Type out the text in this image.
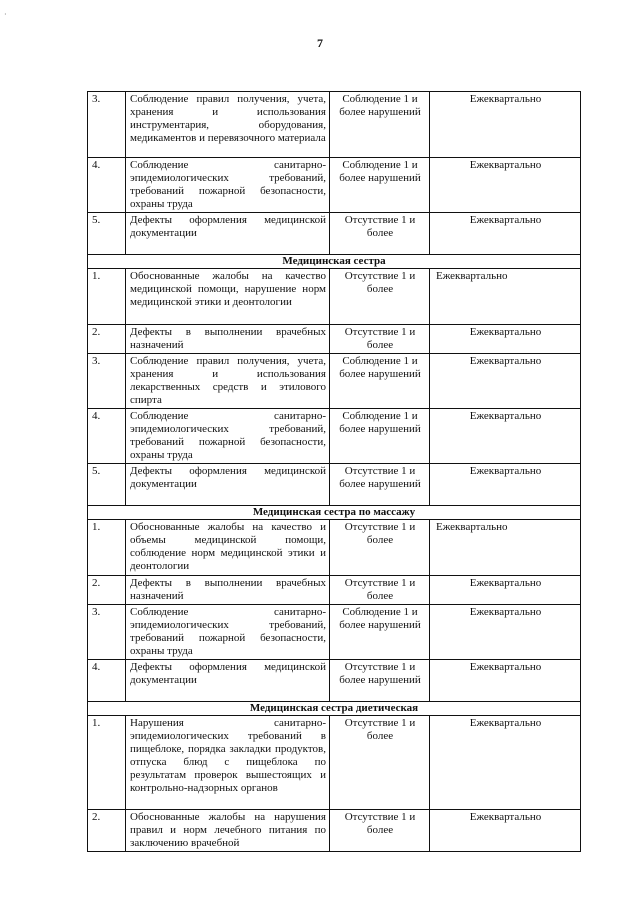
·
7
3.	Соблюдение правил получения, учета, хранения и использования инструментария, оборудования, медикаментов и перевязочного материала	Соблюдение 1 и более нарушений	Ежеквартально
4.	Соблюдение санитарно-эпидемиологических требований, требований пожарной безопасности, охраны труда	Соблюдение 1 и более нарушений	Ежеквартально
5.	Дефекты оформления медицинской документации	Отсутствие 1 и более	Ежеквартально
Медицинская сестра			
1.	Обоснованные жалобы на качество медицинской помощи, нарушение норм медицинской этики и деонтологии	Отсутствие 1 и более	Ежеквартально
2.	Дефекты в выполнении врачебных назначений	Отсутствие 1 и более	Ежеквартально
3.	Соблюдение правил получения, учета, хранения и использования лекарственных средств и этилового спирта	Соблюдение 1 и более нарушений	Ежеквартально
4.	Соблюдение санитарно-эпидемиологических требований, требований пожарной безопасности, охраны труда	Соблюдение 1 и более нарушений	Ежеквартально
5.	Дефекты оформления медицинской документации	Отсутствие 1 и более нарушений	Ежеквартально
Медицинская сестра по массажу			
1.	Обоснованные жалобы на качество и объемы медицинской помощи, соблюдение норм медицинской этики и деонтологии	Отсутствие 1 и более	Ежеквартально
2.	Дефекты в выполнении врачебных назначений	Отсутствие 1 и более	Ежеквартально
3.	Соблюдение санитарно-эпидемиологических требований, требований пожарной безопасности, охраны труда	Соблюдение 1 и более нарушений	Ежеквартально
4.	Дефекты оформления медицинской документации	Отсутствие 1 и более нарушений	Ежеквартально
Медицинская сестра диетическая			
1.	Нарушения санитарно-эпидемиологических требований в пищеблоке, порядка закладки продуктов, отпуска блюд с пищеблока по результатам проверок вышестоящих и контрольно-надзорных органов	Отсутствие 1 и более	Ежеквартально
2.	Обоснованные жалобы на нарушения правил и норм лечебного питания по заключению врачебной	Отсутствие 1 и более	Ежеквартально
